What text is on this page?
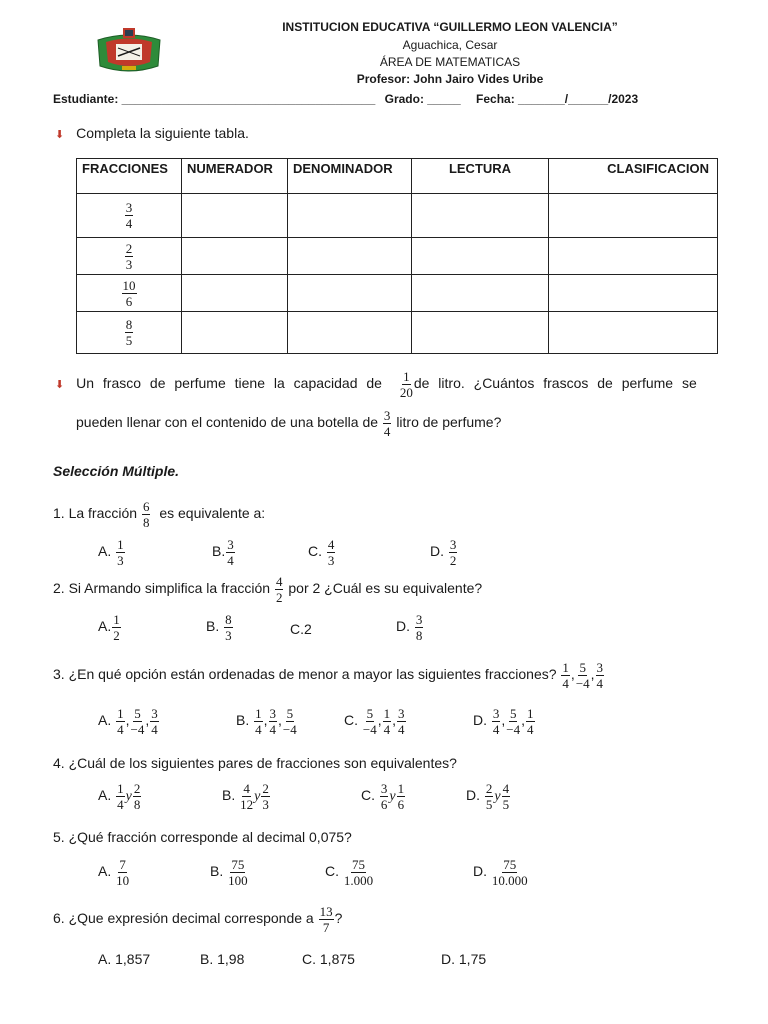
INSTITUCION EDUCATIVA “GUILLERMO LEON VALENCIA”
Aguachica, Cesar
ÁREA DE MATEMATICAS
Profesor: John Jairo Vides Uribe
Estudiante: ______________________________________ Grado: _____ Fecha: _______/______/2023
⬇ Completa la siguiente tabla.
FRACCIONES	NUMERADOR	DENOMINADOR	LECTURA	CLASIFICACION

$\frac{3}{4}$

$\frac{2}{3}$

$\frac{10}{6}$

$\frac{8}{5}$

⬇ Un frasco de perfume tiene la capacidad de $\frac{1}{20}$ de litro. ¿Cuántos frascos de perfume se
pueden llenar con el contenido de una botella de $\frac{3}{4}$ litro de perfume?
Selección Múltiple.
1. La fracción $\frac{6}{8}$ es equivalente a:
A. $\frac{1}{3}$	B. $\frac{3}{4}$	C. $\frac{4}{3}$	D. $\frac{3}{2}$
2. Si Armando simplifica la fracción $\frac{4}{2}$ por 2 ¿Cuál es su equivalente?
A. $\frac{1}{2}$	B. $\frac{8}{3}$	C.2	D. $\frac{3}{8}$
3. ¿En qué opción están ordenadas de menor a mayor las siguientes fracciones? $\frac{1}{4}$ , $\frac{5}{-4}$ , $\frac{3}{4}$
A. $\frac{1}{4}$ , $\frac{5}{-4}$ , $\frac{3}{4}$	B. $\frac{1}{4}$ , $\frac{3}{4}$ , $\frac{5}{-4}$	C. $\frac{5}{-4}$ , $\frac{1}{4}$ , $\frac{3}{4}$	D. $\frac{3}{4}$ , $\frac{5}{-4}$ , $\frac{1}{4}$
4. ¿Cuál de los siguientes pares de fracciones son equivalentes?
A. $\frac{1}{4}$ y $\frac{2}{8}$	B. $\frac{4}{12}$ y $\frac{2}{3}$	C. $\frac{3}{6}$ y $\frac{1}{6}$	D. $\frac{2}{5}$ y $\frac{4}{5}$
5. ¿Qué fracción corresponde al decimal 0,075?
A. $\frac{7}{10}$	B. $\frac{75}{100}$	C. $\frac{75}{1.000}$	D. $\frac{75}{10.000}$
6. ¿Que expresión decimal corresponde a $\frac{13}{7}$ ?
A. 1,857	B. 1,98	C. 1,875	D. 1,75
